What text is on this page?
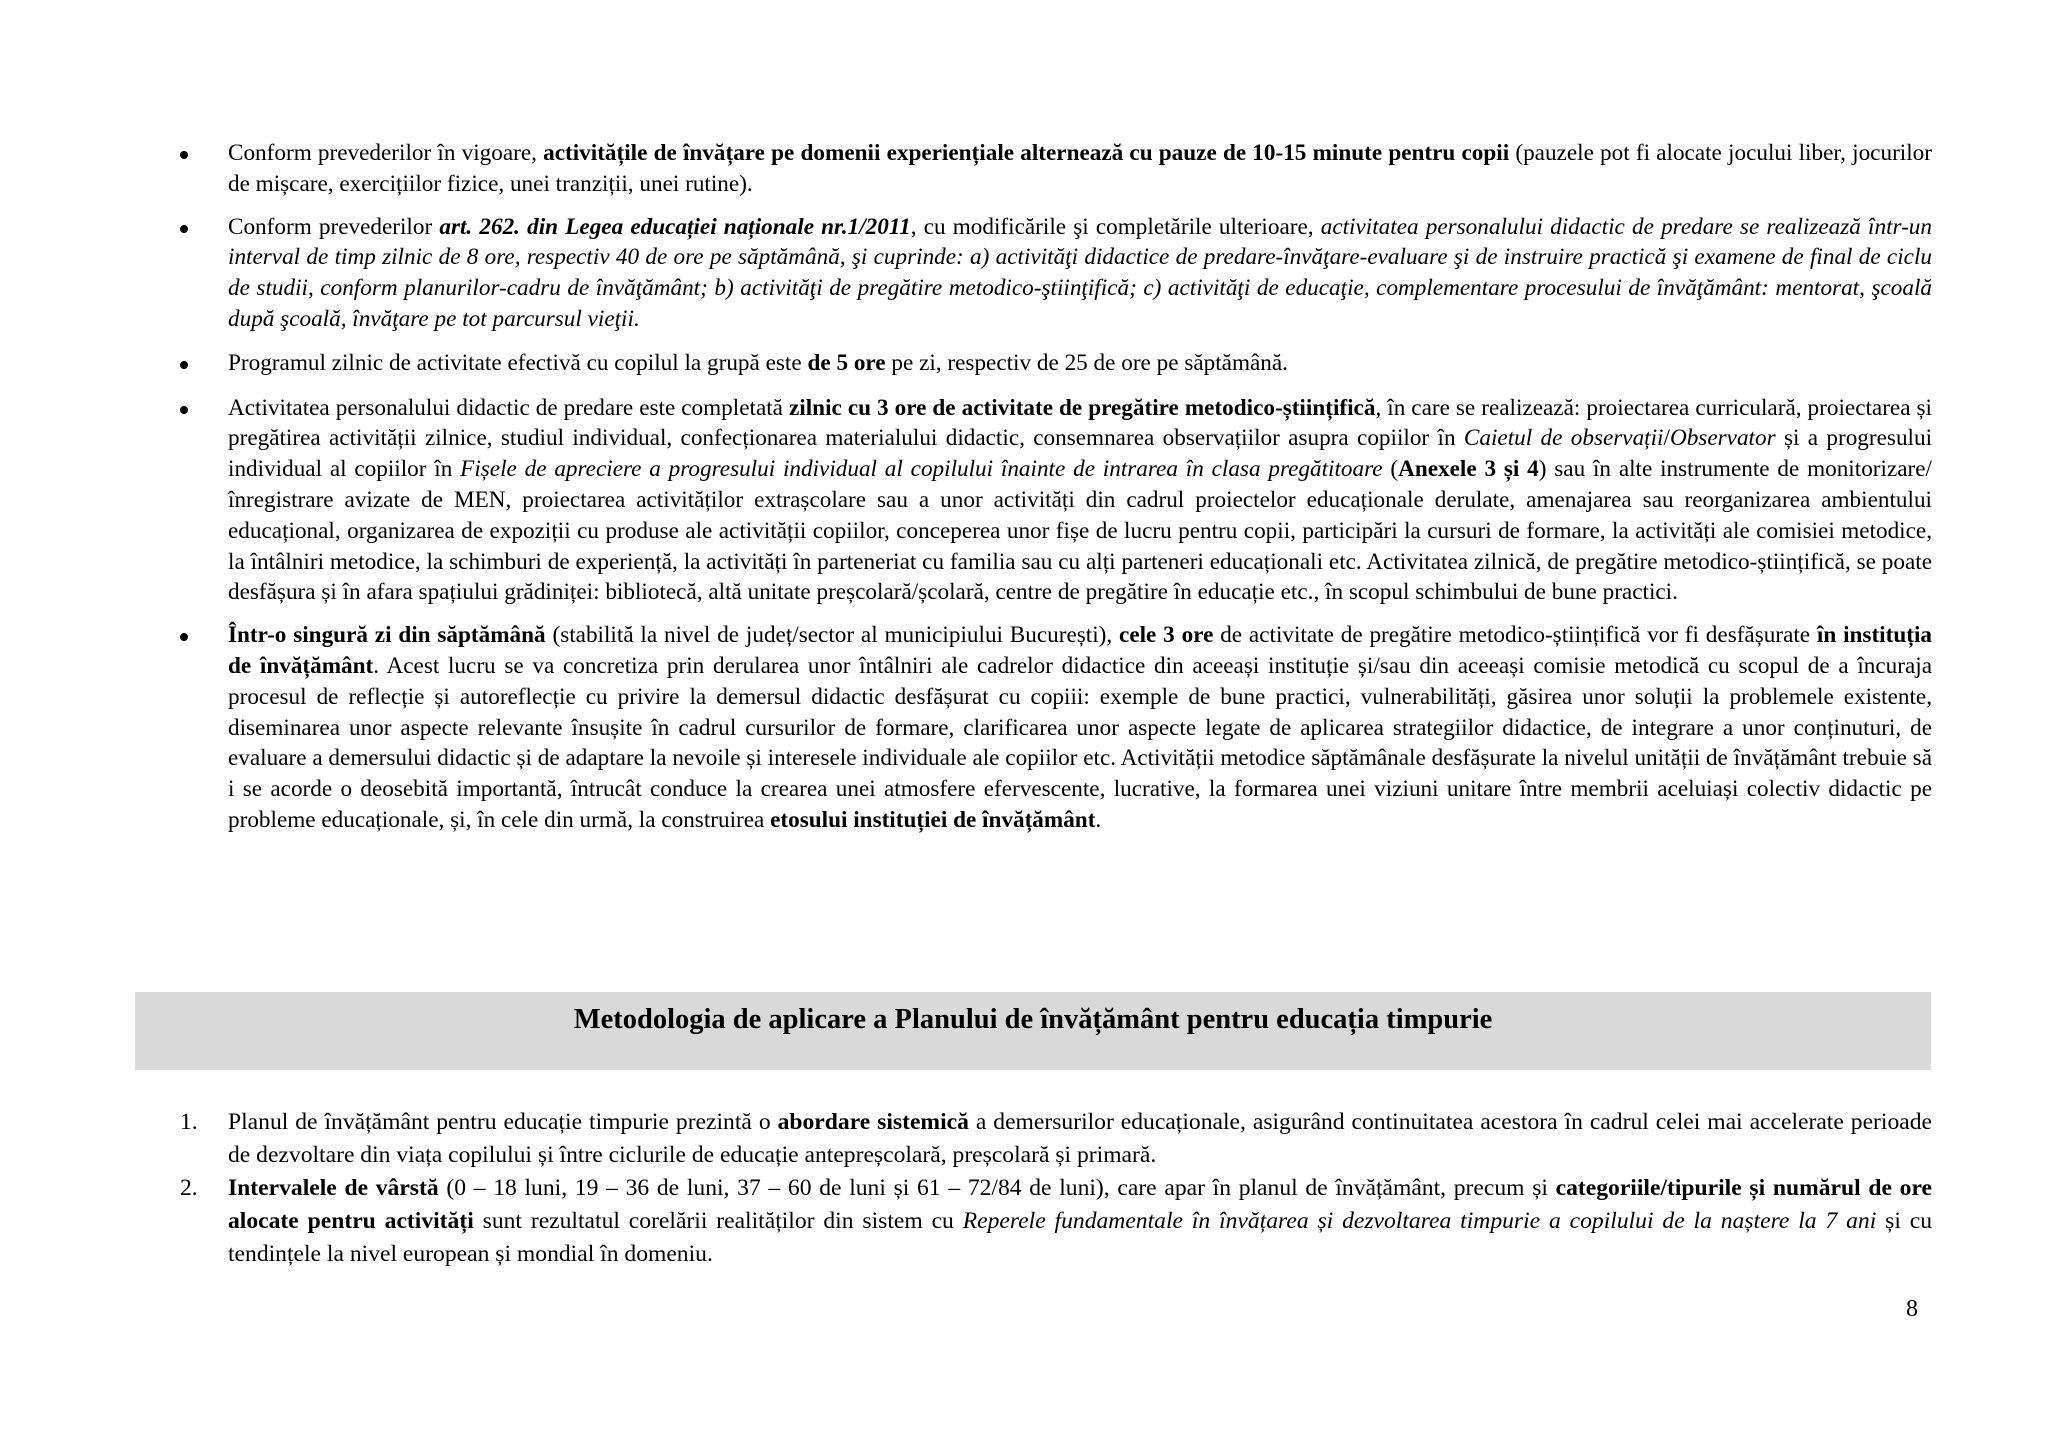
Conform prevederilor în vigoare, activitățile de învățare pe domenii experiențiale alternează cu pauze de 10-15 minute pentru copii (pauzele pot fi alocate jocului liber, jocurilor de mișcare, exercițiilor fizice, unei tranziții, unei rutine).
Conform prevederilor art. 262. din Legea educației naționale nr.1/2011, cu modificările şi completările ulterioare, activitatea personalului didactic de predare se realizează într-un interval de timp zilnic de 8 ore, respectiv 40 de ore pe săptămână, şi cuprinde: a) activităţi didactice de predare-învăţare-evaluare şi de instruire practică şi examene de final de ciclu de studii, conform planurilor-cadru de învăţământ; b) activităţi de pregătire metodico-ştiinţifică; c) activităţi de educaţie, complementare procesului de învăţământ: mentorat, şcoală după şcoală, învăţare pe tot parcursul vieţii.
Programul zilnic de activitate efectivă cu copilul la grupă este de 5 ore pe zi, respectiv de 25 de ore pe săptămână.
Activitatea personalului didactic de predare este completată zilnic cu 3 ore de activitate de pregătire metodico-științifică, în care se realizează: proiectarea curriculară, proiectarea și pregătirea activității zilnice, studiul individual, confecționarea materialului didactic, consemnarea observațiilor asupra copiilor în Caietul de observații/Observator și a progresului individual al copiilor în Fișele de apreciere a progresului individual al copilului înainte de intrarea în clasa pregătitoare (Anexele 3 și 4) sau în alte instrumente de monitorizare/înregistrare avizate de MEN, proiectarea activităților extrașcolare sau a unor activități din cadrul proiectelor educaționale derulate, amenajarea sau reorganizarea ambientului educațional, organizarea de expoziții cu produse ale activității copiilor, conceperea unor fișe de lucru pentru copii, participări la cursuri de formare, la activități ale comisiei metodice, la întâlniri metodice, la schimburi de experiență, la activități în parteneriat cu familia sau cu alți parteneri educaționali etc. Activitatea zilnică, de pregătire metodico-științifică, se poate desfășura și în afara spațiului grădiniței: bibliotecă, altă unitate preșcolară/școlară, centre de pregătire în educație etc., în scopul schimbului de bune practici.
Într-o singură zi din săptămână (stabilită la nivel de județ/sector al municipiului București), cele 3 ore de activitate de pregătire metodico-științifică vor fi desfășurate în instituția de învățământ. Acest lucru se va concretiza prin derularea unor întâlniri ale cadrelor didactice din aceeași instituție și/sau din aceeași comisie metodică cu scopul de a încuraja procesul de reflecție și autoreflecție cu privire la demersul didactic desfășurat cu copiii: exemple de bune practici, vulnerabilități, găsirea unor soluții la problemele existente, diseminarea unor aspecte relevante însușite în cadrul cursurilor de formare, clarificarea unor aspecte legate de aplicarea strategiilor didactice, de integrare a unor conținuturi, de evaluare a demersului didactic și de adaptare la nevoile și interesele individuale ale copiilor etc. Activității metodice săptămânale desfășurate la nivelul unității de învățământ trebuie să i se acorde o deosebită importantă, întrucât conduce la crearea unei atmosfere efervescente, lucrative, la formarea unei viziuni unitare între membrii aceluiași colectiv didactic pe probleme educaționale, și, în cele din urmă, la construirea etosului instituției de învățământ.
Metodologia de aplicare a Planului de învățământ pentru educația timpurie
1. Planul de învățământ pentru educație timpurie prezintă o abordare sistemică a demersurilor educaționale, asigurând continuitatea acestora în cadrul celei mai accelerate perioade de dezvoltare din viața copilului și între ciclurile de educație antepreșcolară, preșcolară și primară.
2. Intervalele de vârstă (0 – 18 luni, 19 – 36 de luni, 37 – 60 de luni și 61 – 72/84 de luni), care apar în planul de învățământ, precum și categoriile/tipurile și numărul de ore alocate pentru activități sunt rezultatul corelării realităților din sistem cu Reperele fundamentale în învățarea și dezvoltarea timpurie a copilului de la naștere la 7 ani și cu tendințele la nivel european și mondial în domeniu.
8
